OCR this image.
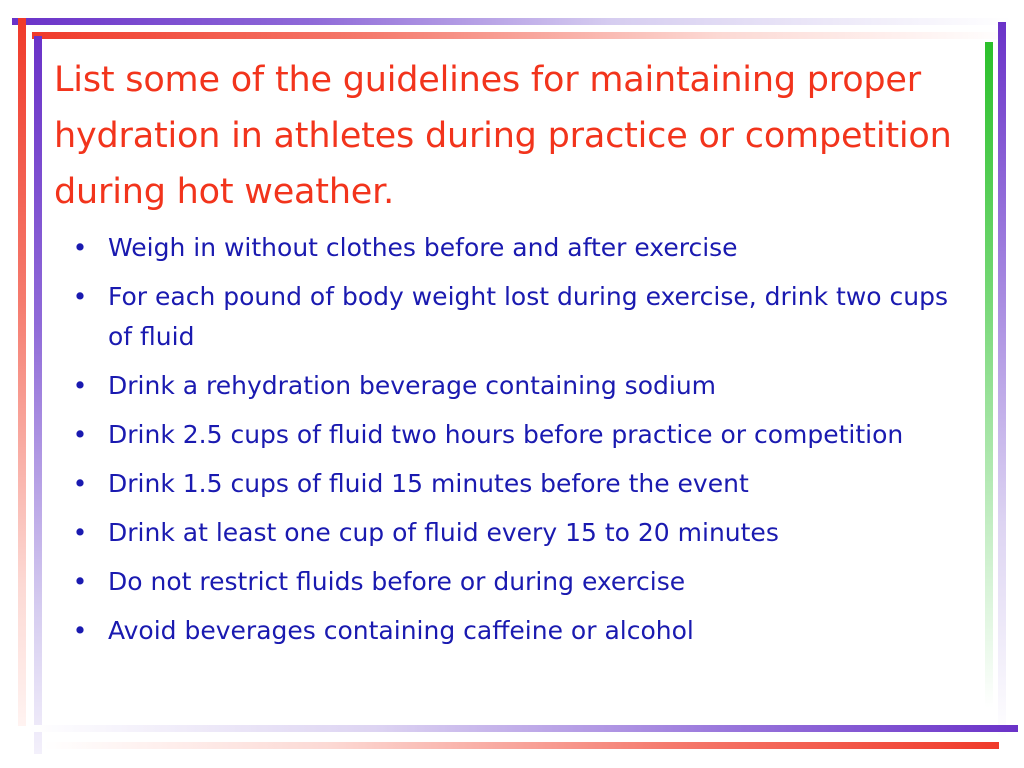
List some of the guidelines for maintaining proper hydration in athletes during practice or competition during hot weather.
• Weigh in without clothes before and after exercise
• For each pound of body weight lost during exercise, drink two cups of fluid
• Drink a rehydration beverage containing sodium
• Drink 2.5 cups of fluid two hours before practice or competition
• Drink 1.5 cups of fluid 15 minutes before the event
• Drink at least one cup of fluid every 15 to 20 minutes
• Do not restrict fluids before or during exercise
• Avoid beverages containing caffeine or alcohol
